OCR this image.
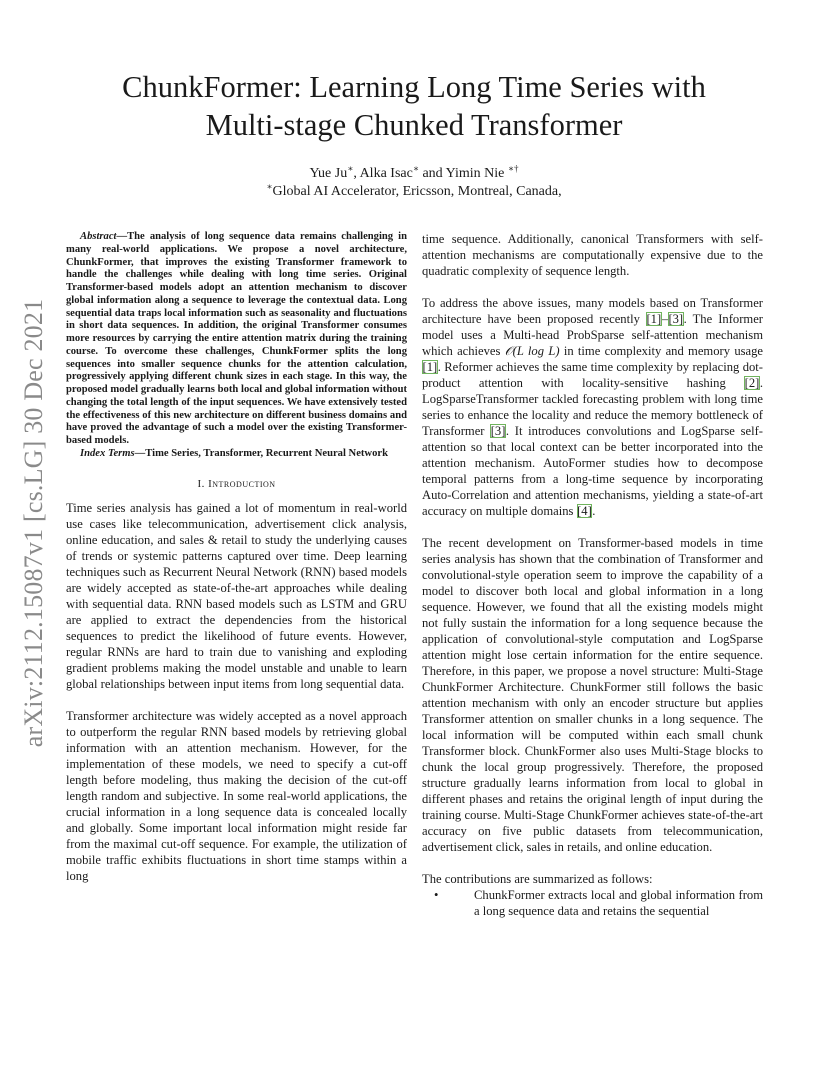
arXiv:2112.15087v1 [cs.LG] 30 Dec 2021
ChunkFormer: Learning Long Time Series with
Multi-stage Chunked Transformer
Yue Ju∗, Alka Isac∗ and Yimin Nie ∗†
∗Global AI Accelerator, Ericsson, Montreal, Canada,

Abstract—The analysis of long sequence data remains challenging in many real-world applications. We propose a novel architecture, ChunkFormer, that improves the existing Transformer framework to handle the challenges while dealing with long time series. Original Transformer-based models adopt an attention mechanism to discover global information along a sequence to leverage the contextual data. Long sequential data traps local information such as seasonality and fluctuations in short data sequences. In addition, the original Transformer consumes more resources by carrying the entire attention matrix during the training course. To overcome these challenges, ChunkFormer splits the long sequences into smaller sequence chunks for the attention calculation, progressively applying different chunk sizes in each stage. In this way, the proposed model gradually learns both local and global information without changing the total length of the input sequences. We have extensively tested the effectiveness of this new architecture on different business domains and have proved the advantage of such a model over the existing Transformer-based models.

Index Terms—Time Series, Transformer, Recurrent Neural Network

I. Introduction

Time series analysis has gained a lot of momentum in real-world use cases like telecommunication, advertisement click analysis, online education, and sales & retail to study the underlying causes of trends or systemic patterns captured over time. Deep learning techniques such as Recurrent Neural Network (RNN) based models are widely accepted as state-of-the-art approaches while dealing with sequential data. RNN based models such as LSTM and GRU are applied to extract the dependencies from the historical sequences to predict the likelihood of future events. However, regular RNNs are hard to train due to vanishing and exploding gradient problems making the model unstable and unable to learn global relationships between input items from long sequential data.

Transformer architecture was widely accepted as a novel approach to outperform the regular RNN based models by retrieving global information with an attention mechanism. However, for the implementation of these models, we need to specify a cut-off length before modeling, thus making the decision of the cut-off length random and subjective. In some real-world applications, the crucial information in a long sequence data is concealed locally and globally. Some important local information might reside far from the maximal cut-off sequence. For example, the utilization of mobile traffic exhibits fluctuations in short time stamps within a long

time sequence. Additionally, canonical Transformers with self-attention mechanisms are computationally expensive due to the quadratic complexity of sequence length.

To address the above issues, many models based on Transformer architecture have been proposed recently [1]–[3]. The Informer model uses a Multi-head ProbSparse self-attention mechanism which achieves 𝒪(L log L) in time complexity and memory usage [1]. Reformer achieves the same time complexity by replacing dot-product attention with locality-sensitive hashing [2]. LogSparseTransformer tackled forecasting problem with long time series to enhance the locality and reduce the memory bottleneck of Transformer [3]. It introduces convolutions and LogSparse self-attention so that local context can be better incorporated into the attention mechanism. AutoFormer studies how to decompose temporal patterns from a long-time sequence by incorporating Auto-Correlation and attention mechanisms, yielding a state-of-art accuracy on multiple domains [4].

The recent development on Transformer-based models in time series analysis has shown that the combination of Transformer and convolutional-style operation seem to improve the capability of a model to discover both local and global information in a long sequence. However, we found that all the existing models might not fully sustain the information for a long sequence because the application of convolutional-style computation and LogSparse attention might lose certain information for the entire sequence. Therefore, in this paper, we propose a novel structure: Multi-Stage ChunkFormer Architecture. ChunkFormer still follows the basic attention mechanism with only an encoder structure but applies Transformer attention on smaller chunks in a long sequence. The local information will be computed within each small chunk Transformer block. ChunkFormer also uses Multi-Stage blocks to chunk the local group progressively. Therefore, the proposed structure gradually learns information from local to global in different phases and retains the original length of input during the training course. Multi-Stage ChunkFormer achieves state-of-the-art accuracy on five public datasets from telecommunication, advertisement click, sales in retails, and online education.

The contributions are summarized as follows:

•	ChunkFormer extracts local and global information from a long sequence data and retains the sequential
